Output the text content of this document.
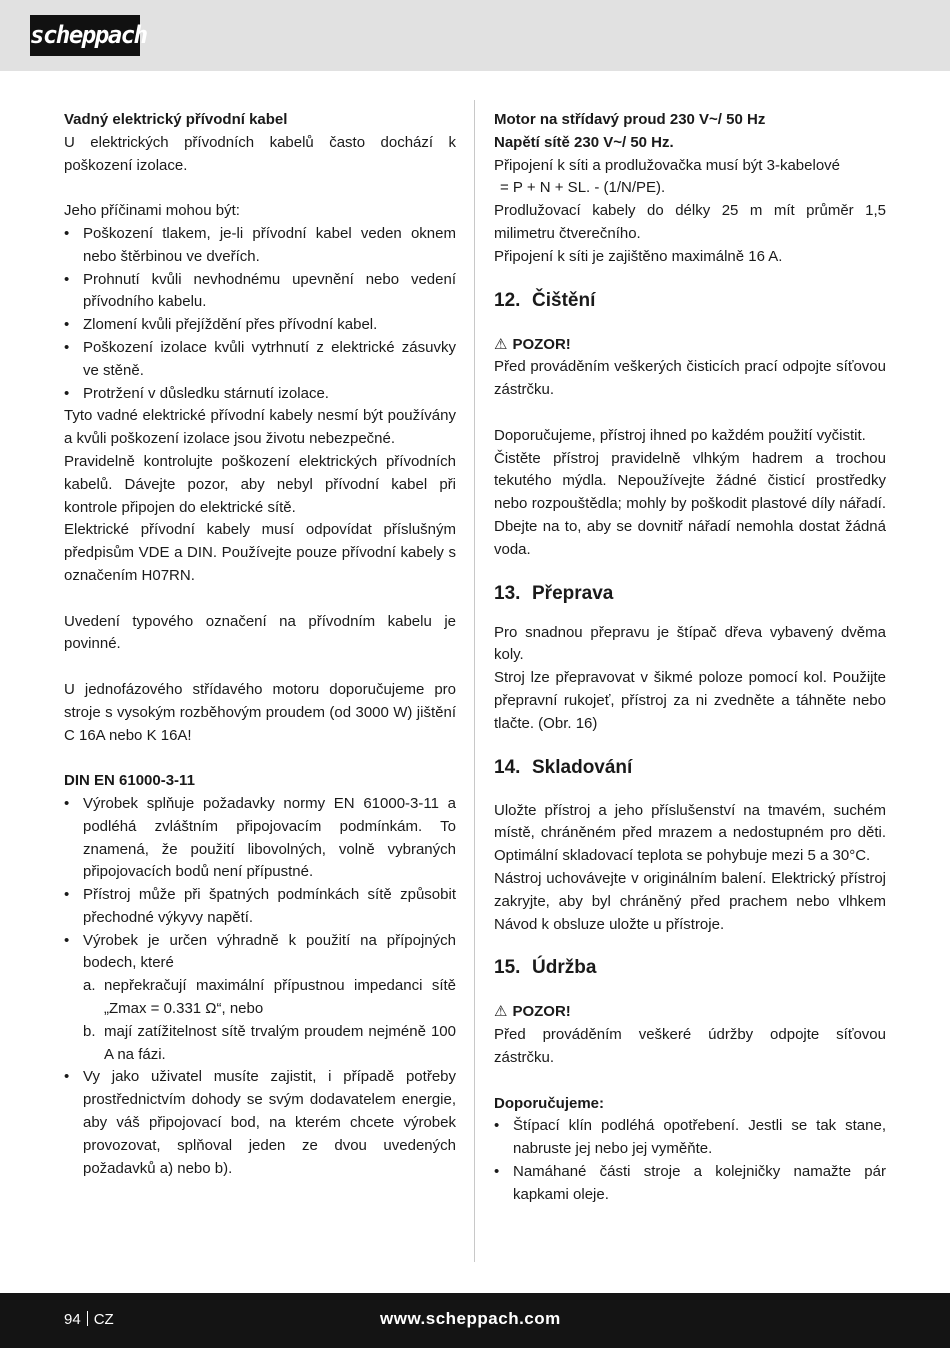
scheppach

Vadný elektrický přívodní kabel

U elektrických přívodních kabelů často dochází k poškození izolace.

Jeho příčinami mohou být:

• Poškození tlakem, je-li přívodní kabel veden oknem nebo štěrbinou ve dveřích.
• Prohnutí kvůli nevhodnému upevnění nebo vedení přívodního kabelu.
• Zlomení kvůli přejíždění přes přívodní kabel.
• Poškození izolace kvůli vytrhnutí z elektrické zásuvky ve stěně.
• Protržení v důsledku stárnutí izolace.

Tyto vadné elektrické přívodní kabely nesmí být používány a kvůli poškození izolace jsou životu nebezpečné.

Pravidelně kontrolujte poškození elektrických přívodních kabelů. Dávejte pozor, aby nebyl přívodní kabel při kontrole připojen do elektrické sítě.

Elektrické přívodní kabely musí odpovídat příslušným předpisům VDE a DIN. Používejte pouze přívodní kabely s označením H07RN.

Uvedení typového označení na přívodním kabelu je povinné.

U jednofázového střídavého motoru doporučujeme pro stroje s vysokým rozběhovým proudem (od 3000 W) jištění C 16A nebo K 16A!

DIN EN 61000-3-11

• Výrobek splňuje požadavky normy EN 61000-3-11 a podléhá zvláštním připojovacím podmínkám. To znamená, že použití libovolných, volně vybraných připojovacích bodů není přípustné.
• Přístroj může při špatných podmínkách sítě způsobit přechodné výkyvy napětí.
• Výrobek je určen výhradně k použití na přípojných bodech, které
a. nepřekračují maximální přípustnou impedanci sítě „Zmax = 0.331 Ω“, nebo
b. mají zatížitelnost sítě trvalým proudem nejméně 100 A na fázi.
• Vy jako uživatel musíte zajistit, i případě potřeby prostřednictvím dohody se svým dodavatelem energie, aby váš připojovací bod, na kterém chcete výrobek provozovat, splňoval jeden ze dvou uvedených požadavků a) nebo b).

Motor na střídavý proud 230 V~/ 50 Hz

Napětí sítě 230 V~/ 50 Hz.

Připojení k síti a prodlužovačka musí být 3-kabelové

= P + N + SL. - (1/N/PE).

Prodlužovací kabely do délky 25 m mít průměr 1,5 milimetru čtverečního.

Připojení k síti je zajištěno maximálně 16 A.

12. Čištění

⚠ POZOR!

Před prováděním veškerých čisticích prací odpojte síťovou zástrčku.

Doporučujeme, přístroj ihned po každém použití vyčistit.

Čistěte přístroj pravidelně vlhkým hadrem a trochou tekutého mýdla. Nepoužívejte žádné čisticí prostředky nebo rozpouštědla; mohly by poškodit plastové díly nářadí. Dbejte na to, aby se dovnitř nářadí nemohla dostat žádná voda.

13. Přeprava

Pro snadnou přepravu je štípač dřeva vybavený dvěma koly.

Stroj lze přepravovat v šikmé poloze pomocí kol. Použijte přepravní rukojeť, přístroj za ni zvedněte a táhněte nebo tlačte. (Obr. 16)

14. Skladování

Uložte přístroj a jeho příslušenství na tmavém, suchém místě, chráněném před mrazem a nedostupném pro děti. Optimální skladovací teplota se pohybuje mezi 5 a 30°C.

Nástroj uchovávejte v originálním balení. Elektrický přístroj zakryjte, aby byl chráněný před prachem nebo vlhkem Návod k obsluze uložte u přístroje.

15. Údržba

⚠ POZOR!

Před prováděním veškeré údržby odpojte síťovou zástrčku.

Doporučujeme:

• Štípací klín podléhá opotřebení. Jestli se tak stane, nabruste jej nebo jej vyměňte.
• Namáhané části stroje a kolejničky namažte pár kapkami oleje.
94 CZ	www.scheppach.com
